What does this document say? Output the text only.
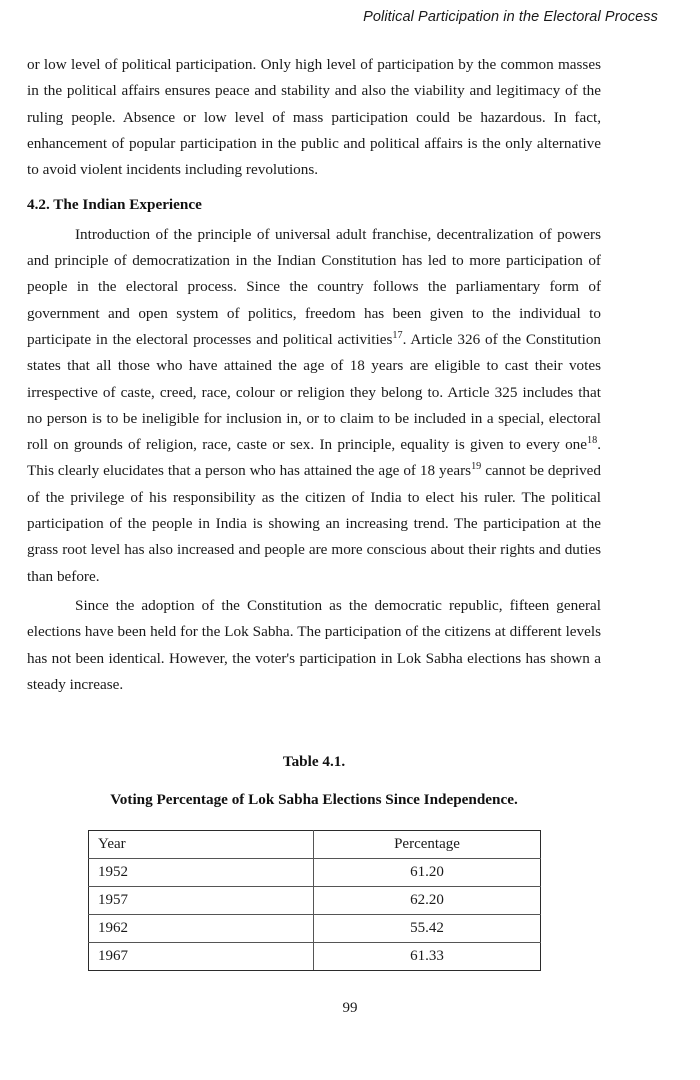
Political Participation in the Electoral Process

or low level of political participation. Only high level of participation by the common masses in the political affairs ensures peace and stability and also the viability and legitimacy of the ruling people. Absence or low level of mass participation could be hazardous. In fact, enhancement of popular participation in the public and political affairs is the only alternative to avoid violent incidents including revolutions.

4.2. The Indian Experience

Introduction of the principle of universal adult franchise, decentralization of powers and principle of democratization in the Indian Constitution has led to more participation of people in the electoral process. Since the country follows the parliamentary form of government and open system of politics, freedom has been given to the individual to participate in the electoral processes and political activities$^{17}$. Article 326 of the Constitution states that all those who have attained the age of 18 years are eligible to cast their votes irrespective of caste, creed, race, colour or religion they belong to. Article 325 includes that no person is to be ineligible for inclusion in, or to claim to be included in a special, electoral roll on grounds of religion, race, caste or sex. In principle, equality is given to every one$^{18}$. This clearly elucidates that a person who has attained the age of 18 years$^{19}$ cannot be deprived of the privilege of his responsibility as the citizen of India to elect his ruler. The political participation of the people in India is showing an increasing trend. The participation at the grass root level has also increased and people are more conscious about their rights and duties than before.

Since the adoption of the Constitution as the democratic republic, fifteen general elections have been held for the Lok Sabha. The participation of the citizens at different levels has not been identical. However, the voter's participation in Lok Sabha elections has shown a steady increase.

Table 4.1.

Voting Percentage of Lok Sabha Elections Since Independence.

Year	Percentage
1952	61.20
1957	62.20
1962	55.42
1967	61.33
99
